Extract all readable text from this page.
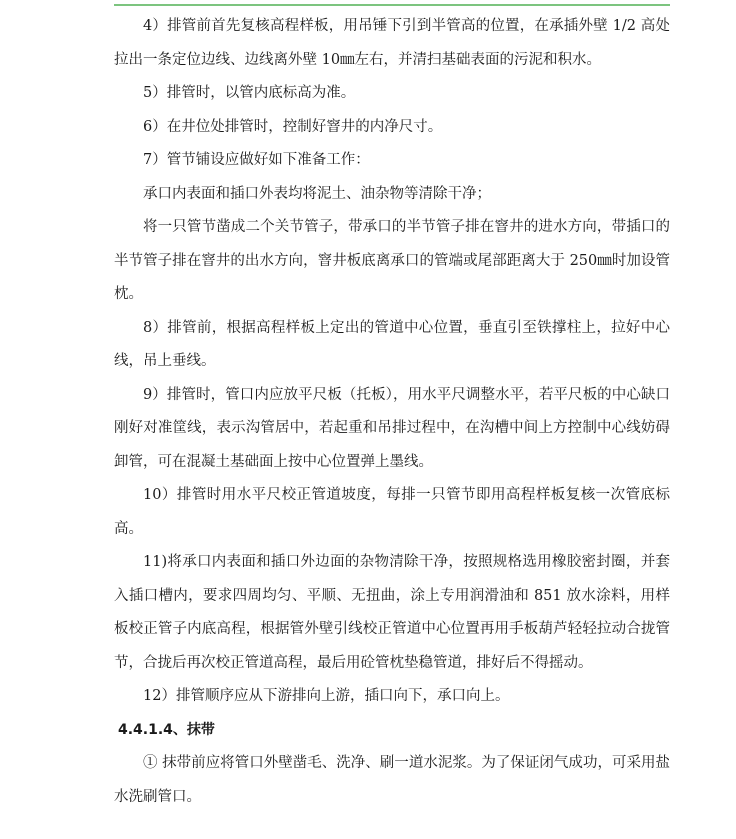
4）排管前首先复核高程样板，用吊锤下引到半管高的位置，在承插外壁 1/2 高处拉出一条定位边线、边线离外壁 10㎜左右，并清扫基础表面的污泥和积水。

5）排管时，以管内底标高为准。

6）在井位处排管时，控制好窨井的内净尺寸。

7）管节铺设应做好如下准备工作：

承口内表面和插口外表均将泥土、油杂物等清除干净；

将一只管节凿成二个关节管子，带承口的半节管子排在窨井的进水方向，带插口的半节管子排在窨井的出水方向，窨井板底离承口的管端或尾部距离大于 250㎜时加设管枕。

8）排管前，根据高程样板上定出的管道中心位置，垂直引至铁撑柱上，拉好中心线，吊上垂线。

9）排管时，管口内应放平尺板（托板），用水平尺调整水平，若平尺板的中心缺口刚好对准筐线，表示沟管居中，若起重和吊排过程中，在沟槽中间上方控制中心线妨碍卸管，可在混凝土基础面上按中心位置弹上墨线。

10）排管时用水平尺校正管道坡度，每排一只管节即用高程样板复核一次管底标高。

11)将承口内表面和插口外边面的杂物清除干净，按照规格选用橡胶密封圈，并套入插口槽内，要求四周均匀、平顺、无扭曲，涂上专用润滑油和 851 放水涂料，用样板校正管子内底高程，根据管外壁引线校正管道中心位置再用手板葫芦轻轻拉动合拢管节，合拢后再次校正管道高程，最后用砼管枕垫稳管道，排好后不得摇动。

12）排管顺序应从下游排向上游，插口向下，承口向上。

4.4.1.4、抹带

① 抹带前应将管口外壁凿毛、洗净、刷一道水泥浆。为了保证闭气成功，可采用盐水洗刷管口。
